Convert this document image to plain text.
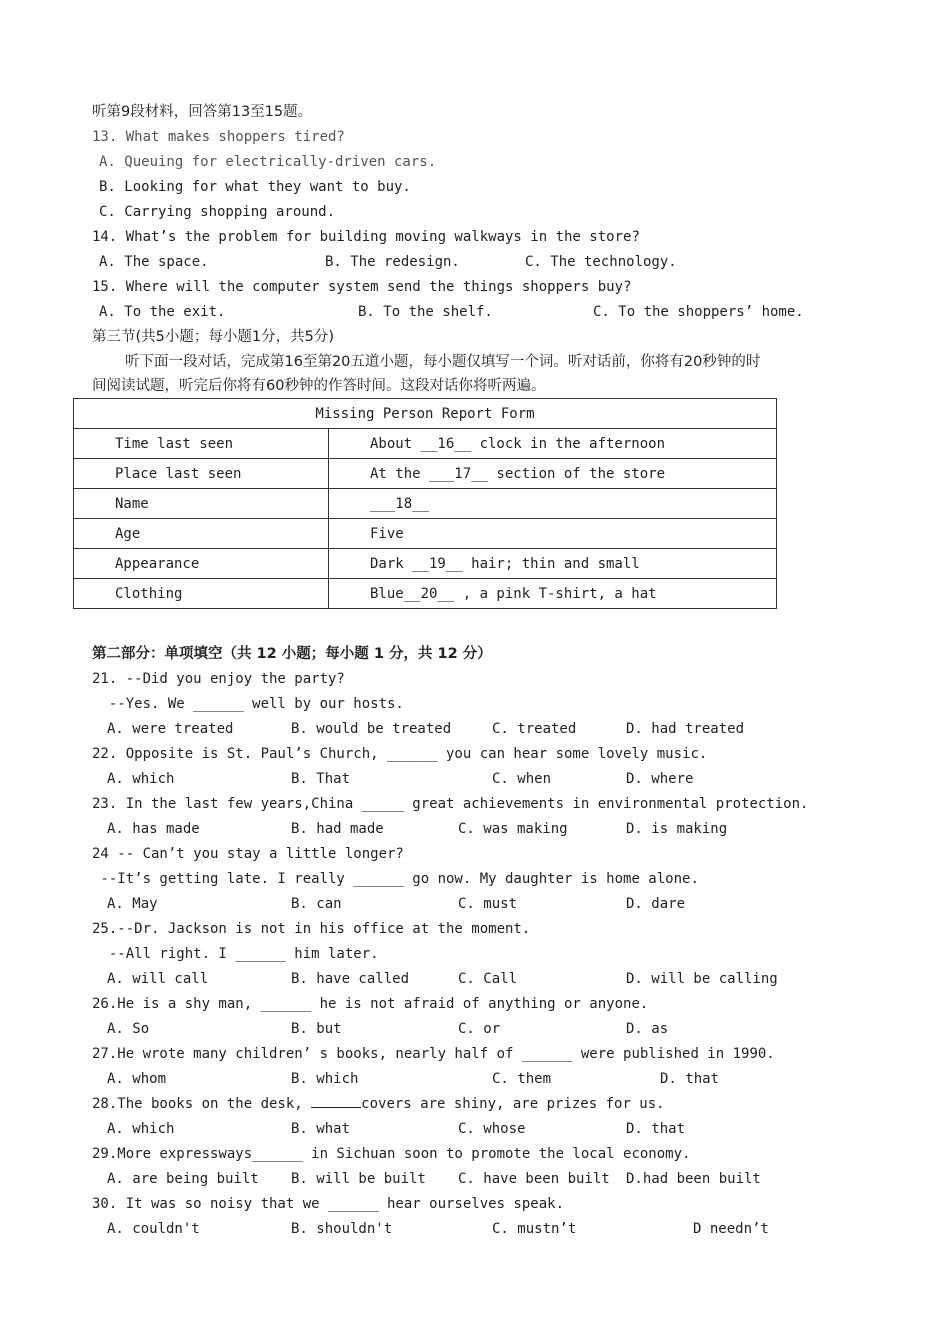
听第9段材料，回答第13至15题。
13. What makes shoppers tired?
A. Queuing for electrically-driven cars.
B. Looking for what they want to buy.
C. Carrying shopping around.
14. What’s the problem for building moving walkways in the store?
A. The space.	B. The redesign.	C. The technology.
15. Where will the computer system send the things shoppers buy?
A. To the exit.	B. To the shelf.	C. To the shoppers’ home.
第三节(共5小题；每小题1分，共5分)
听下面一段对话，完成第16至第20五道小题，每小题仅填写一个词。听对话前，你将有20秒钟的时
间阅读试题，听完后你将有60秒钟的作答时间。这段对话你将听两遍。
Missing Person Report Form	
Time last seen	About __16__ clock in the afternoon
Place last seen	At the ___17__ section of the store
Name	___18__
Age	Five
Appearance	Dark __19__ hair; thin and small
Clothing	Blue__20__ , a pink T-shirt, a hat
第二部分：单项填空（共 12 小题；每小题 1 分，共 12 分）
21. --Did you enjoy the party?
--Yes. We ______ well by our hosts.
A. were treated	B. would be treated	C. treated	D. had treated
22. Opposite is St. Paul’s Church, ______ you can hear some lovely music.
A. which	B. That	C. when	D. where
23. In the last few years,China _____ great achievements in environmental protection.
A. has made	B. had made	C. was making	D. is making
24 -- Can’t you stay a little longer?
--It’s getting late. I really ______ go now. My daughter is home alone.
A. May	B. can	C. must	D. dare
25.--Dr. Jackson is not in his office at the moment.
--All right. I ______ him later.
A. will call	B. have called	C. Call	D. will be calling
26.He is a shy man, ______ he is not afraid of anything or anyone.
A. So	B. but	C. or	D. as
27.He wrote many children’ s books, nearly half of ______ were published in 1990.
A. whom	B. which	C. them	D. that
28.The books on the desk,	covers are shiny, are prizes for us.
A. which	B. what	C. whose	D. that
29.More expressways______ in Sichuan soon to promote the local economy.
A. are being built B. will be built C. have been built D.had been built
30. It was so noisy that we ______ hear ourselves speak.
A. couldn't	B. shouldn't	C. mustn’t	D needn’t
